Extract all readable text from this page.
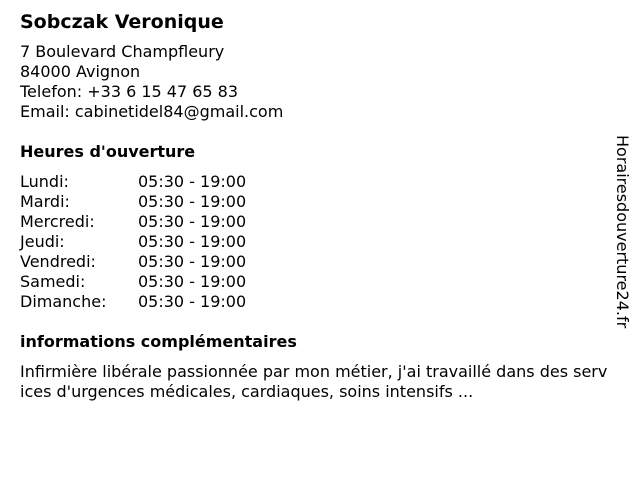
Sobczak Veronique
7 Boulevard Champfleury
84000 Avignon
Telefon: +33 6 15 47 65 83
Email: cabinetidel84@gmail.com
Heures d'ouverture
Lundi:	05:30 - 19:00
Mardi:	05:30 - 19:00
Mercredi:	05:30 - 19:00
Jeudi:	05:30 - 19:00
Vendredi:	05:30 - 19:00
Samedi:	05:30 - 19:00
Dimanche:	05:30 - 19:00
informations complémentaires
Infirmière libérale passionnée par mon métier, j'ai travaillé dans des services d'urgences médicales, cardiaques, soins intensifs ...
Horairesdouverture24.fr
